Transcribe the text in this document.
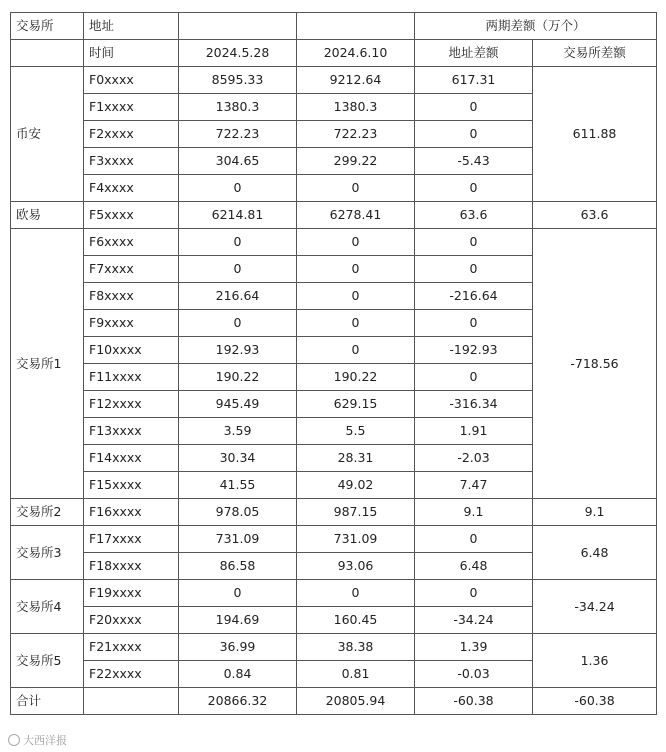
交易所	地址			两期差额（万个）	
	时间	2024.5.28	2024.6.10	地址差额	交易所差额
币安	F0xxxx	8595.33	9212.64	617.31	611.88
	F1xxxx	1380.3	1380.3	0	
	F2xxxx	722.23	722.23	0	
	F3xxxx	304.65	299.22	-5.43	
	F4xxxx	0	0	0	
欧易	F5xxxx	6214.81	6278.41	63.6	63.6
交易所1	F6xxxx	0	0	0	-718.56
	F7xxxx	0	0	0	
	F8xxxx	216.64	0	-216.64	
	F9xxxx	0	0	0	
	F10xxxx	192.93	0	-192.93	
	F11xxxx	190.22	190.22	0	
	F12xxxx	945.49	629.15	-316.34	
	F13xxxx	3.59	5.5	1.91	
	F14xxxx	30.34	28.31	-2.03	
	F15xxxx	41.55	49.02	7.47	
交易所2	F16xxxx	978.05	987.15	9.1	9.1
交易所3	F17xxxx	731.09	731.09	0	6.48
	F18xxxx	86.58	93.06	6.48	
交易所4	F19xxxx	0	0	0	-34.24
	F20xxxx	194.69	160.45	-34.24	
交易所5	F21xxxx	36.99	38.38	1.39	1.36
	F22xxxx	0.84	0.81	-0.03	
合计		20866.32	20805.94	-60.38	-60.38
大西洋报
